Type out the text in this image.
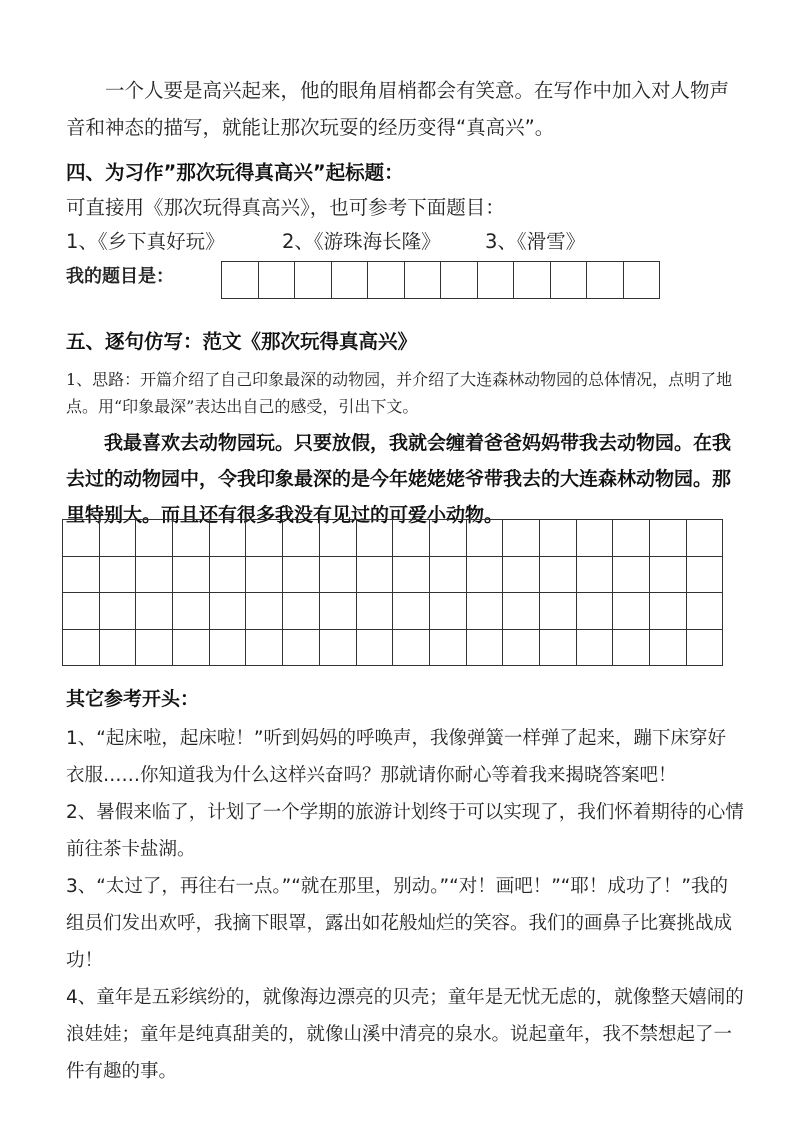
一个人要是高兴起来，他的眼角眉梢都会有笑意。在写作中加入对人物声音和神态的描写，就能让那次玩耍的经历变得“真高兴”。

四、为习作”那次玩得真高兴”起标题：

可直接用《那次玩得真高兴》，也可参考下面题目：

1、《乡下真好玩》	2、《游珠海长隆》 3、《滑雪》
我的题目是：

五、逐句仿写：范文《那次玩得真高兴》

1、思路：开篇介绍了自己印象最深的动物园，并介绍了大连森林动物园的总体情况，点明了地点。用“印象最深”表达出自己的感受，引出下文。

我最喜欢去动物园玩。只要放假，我就会缠着爸爸妈妈带我去动物园。在我去过的动物园中，令我印象最深的是今年姥姥姥爷带我去的大连森林动物园。那里特别大。而且还有很多我没有见过的可爱小动物。

其它参考开头：

1、“起床啦，起床啦！”听到妈妈的呼唤声，我像弹簧一样弹了起来，蹦下床穿好衣服……你知道我为什么这样兴奋吗？那就请你耐心等着我来揭晓答案吧！

2、暑假来临了，计划了一个学期的旅游计划终于可以实现了，我们怀着期待的心情前往茶卡盐湖。

3、“太过了，再往右一点。”“就在那里，别动。”“对！画吧！”“耶！成功了！”我的组员们发出欢呼，我摘下眼罩，露出如花般灿烂的笑容。我们的画鼻子比赛挑战成功！

4、童年是五彩缤纷的，就像海边漂亮的贝壳；童年是无忧无虑的，就像整天嬉闹的浪娃娃；童年是纯真甜美的，就像山溪中清亮的泉水。说起童年，我不禁想起了一件有趣的事。
